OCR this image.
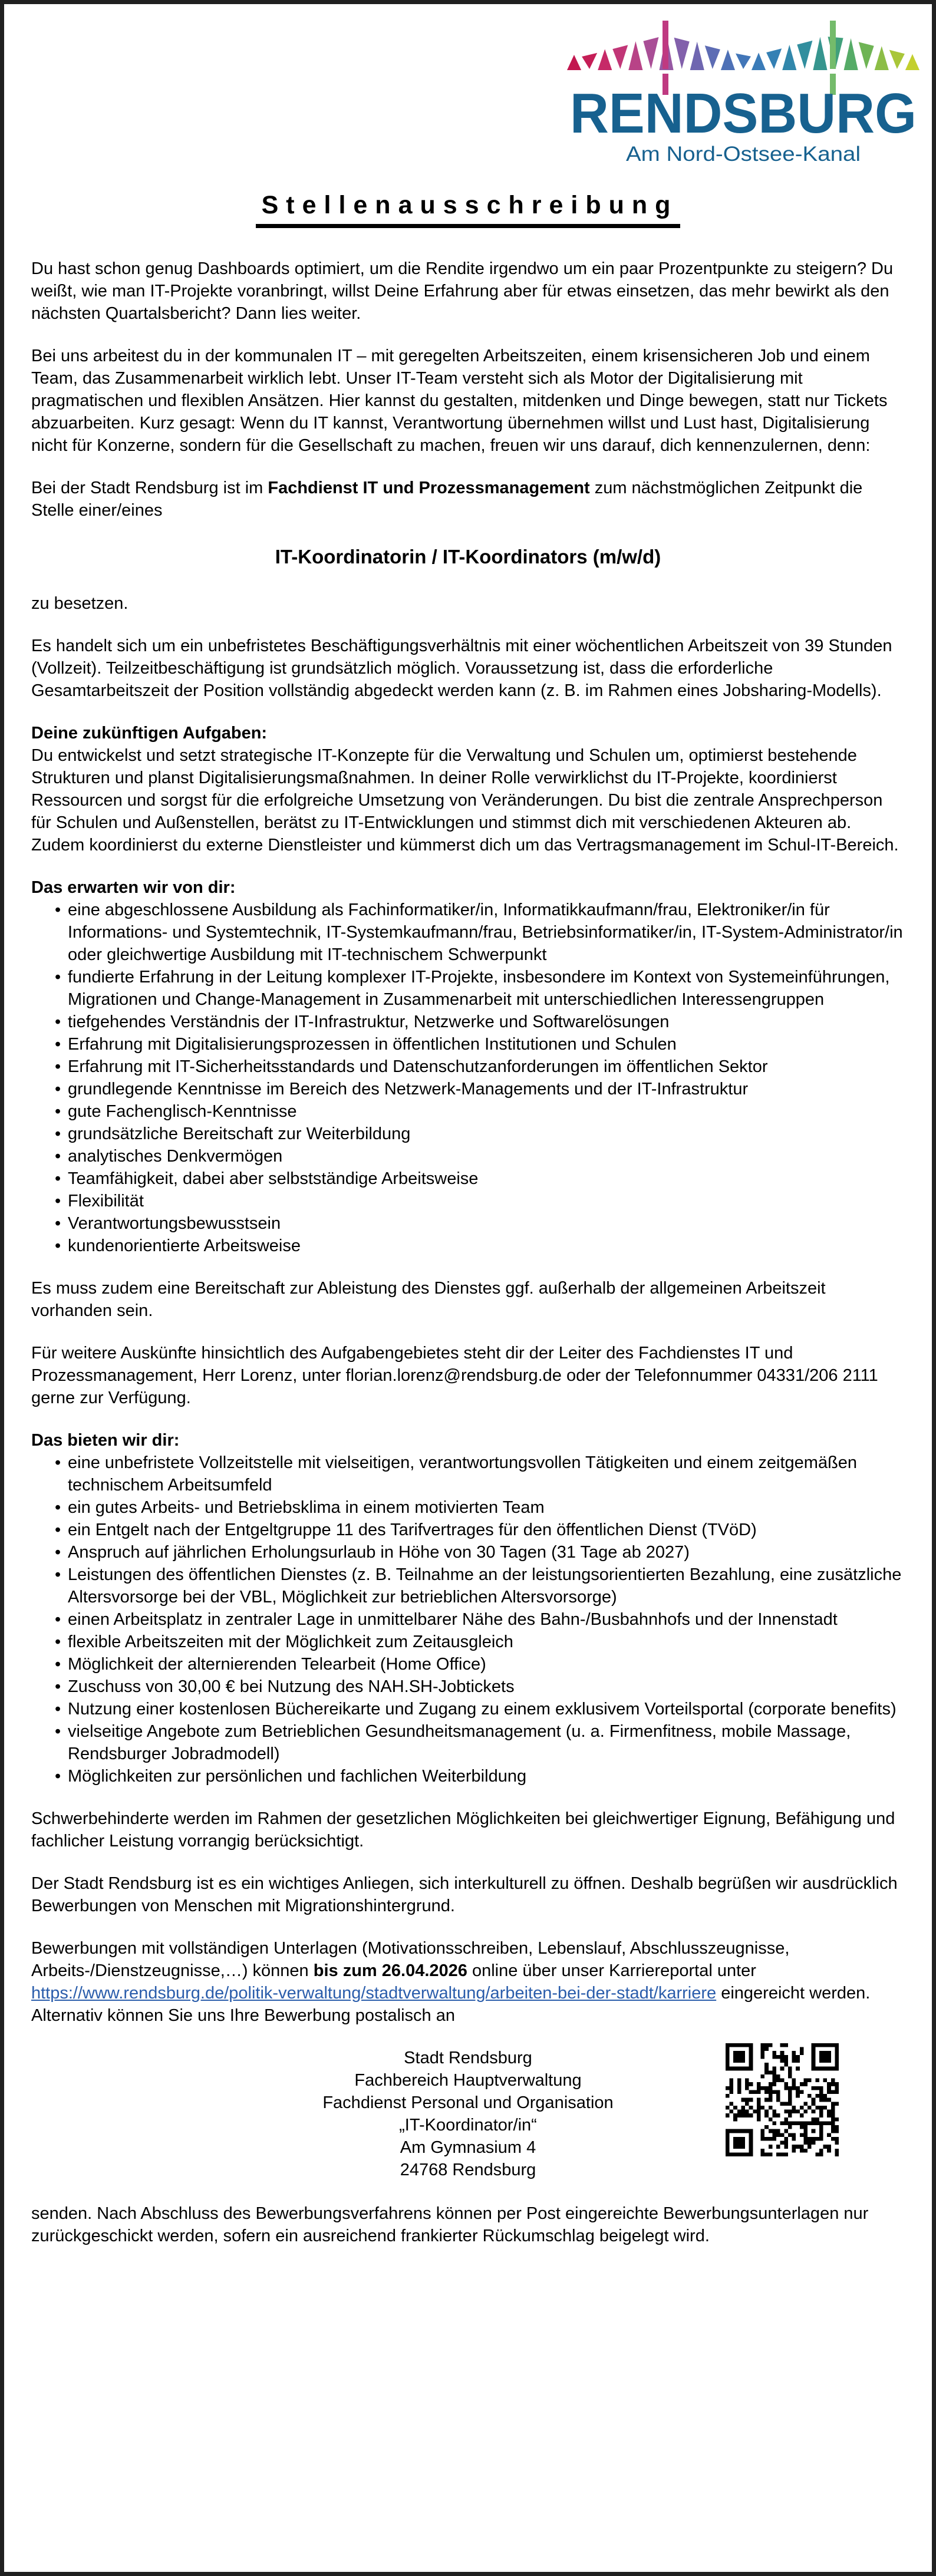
RENDSBURG
Am Nord-Ostsee-Kanal
Stellenausschreibung

Du hast schon genug Dashboards optimiert, um die Rendite irgendwo um ein paar Prozentpunkte zu steigern? Du weißt, wie man IT-Projekte voranbringt, willst Deine Erfahrung aber für etwas einsetzen, das mehr bewirkt als den nächsten Quartalsbericht? Dann lies weiter.

Bei uns arbeitest du in der kommunalen IT – mit geregelten Arbeitszeiten, einem krisensicheren Job und einem Team, das Zusammenarbeit wirklich lebt. Unser IT-Team versteht sich als Motor der Digitalisierung mit pragmatischen und flexiblen Ansätzen. Hier kannst du gestalten, mitdenken und Dinge bewegen, statt nur Tickets abzuarbeiten. Kurz gesagt: Wenn du IT kannst, Verantwortung übernehmen willst und Lust hast, Digitalisierung nicht für Konzerne, sondern für die Gesellschaft zu machen, freuen wir uns darauf, dich kennenzulernen, denn:

Bei der Stadt Rendsburg ist im Fachdienst IT und Prozessmanagement zum nächstmöglichen Zeitpunkt die Stelle einer/eines

IT-Koordinatorin / IT-Koordinators (m/w/d)

zu besetzen.

Es handelt sich um ein unbefristetes Beschäftigungsverhältnis mit einer wöchentlichen Arbeitszeit von 39 Stunden (Vollzeit). Teilzeitbeschäftigung ist grundsätzlich möglich. Voraussetzung ist, dass die erforderliche Gesamtarbeitszeit der Position vollständig abgedeckt werden kann (z. B. im Rahmen eines Jobsharing-Modells).

Deine zukünftigen Aufgaben:

Du entwickelst und setzt strategische IT-Konzepte für die Verwaltung und Schulen um, optimierst bestehende Strukturen und planst Digitalisierungsmaßnahmen. In deiner Rolle verwirklichst du IT-Projekte, koordinierst Ressourcen und sorgst für die erfolgreiche Umsetzung von Veränderungen. Du bist die zentrale Ansprechperson für Schulen und Außenstellen, berätst zu IT-Entwicklungen und stimmst dich mit verschiedenen Akteuren ab. Zudem koordinierst du externe Dienstleister und kümmerst dich um das Vertragsmanagement im Schul-IT-Bereich.

Das erwarten wir von dir:

• eine abgeschlossene Ausbildung als Fachinformatiker/in, Informatikkaufmann/frau, Elektroniker/in für Informations- und Systemtechnik, IT-Systemkaufmann/frau, Betriebsinformatiker/in, IT-System-Administrator/in oder gleichwertige Ausbildung mit IT-technischem Schwerpunkt
• fundierte Erfahrung in der Leitung komplexer IT-Projekte, insbesondere im Kontext von Systemeinführungen, Migrationen und Change-Management in Zusammenarbeit mit unterschiedlichen Interessengruppen
• tiefgehendes Verständnis der IT-Infrastruktur, Netzwerke und Softwarelösungen
• Erfahrung mit Digitalisierungsprozessen in öffentlichen Institutionen und Schulen
• Erfahrung mit IT-Sicherheitsstandards und Datenschutzanforderungen im öffentlichen Sektor
• grundlegende Kenntnisse im Bereich des Netzwerk-Managements und der IT-Infrastruktur
• gute Fachenglisch-Kenntnisse
• grundsätzliche Bereitschaft zur Weiterbildung
• analytisches Denkvermögen
• Teamfähigkeit, dabei aber selbstständige Arbeitsweise
• Flexibilität
• Verantwortungsbewusstsein
• kundenorientierte Arbeitsweise

Es muss zudem eine Bereitschaft zur Ableistung des Dienstes ggf. außerhalb der allgemeinen Arbeitszeit vorhanden sein.

Für weitere Auskünfte hinsichtlich des Aufgabengebietes steht dir der Leiter des Fachdienstes IT und Prozessmanagement, Herr Lorenz, unter florian.lorenz@rendsburg.de oder der Telefonnummer 04331/206 2111 gerne zur Verfügung.

Das bieten wir dir:

• eine unbefristete Vollzeitstelle mit vielseitigen, verantwortungsvollen Tätigkeiten und einem zeitgemäßen technischem Arbeitsumfeld
• ein gutes Arbeits- und Betriebsklima in einem motivierten Team
• ein Entgelt nach der Entgeltgruppe 11 des Tarifvertrages für den öffentlichen Dienst (TVöD)
• Anspruch auf jährlichen Erholungsurlaub in Höhe von 30 Tagen (31 Tage ab 2027)
• Leistungen des öffentlichen Dienstes (z. B. Teilnahme an der leistungsorientierten Bezahlung, eine zusätzliche Altersvorsorge bei der VBL, Möglichkeit zur betrieblichen Altersvorsorge)
• einen Arbeitsplatz in zentraler Lage in unmittelbarer Nähe des Bahn-/Busbahnhofs und der Innenstadt
• flexible Arbeitszeiten mit der Möglichkeit zum Zeitausgleich
• Möglichkeit der alternierenden Telearbeit (Home Office)
• Zuschuss von 30,00 € bei Nutzung des NAH.SH-Jobtickets
• Nutzung einer kostenlosen Büchereikarte und Zugang zu einem exklusivem Vorteilsportal (corporate benefits)
• vielseitige Angebote zum Betrieblichen Gesundheitsmanagement (u. a. Firmenfitness, mobile Massage, Rendsburger Jobradmodell)
• Möglichkeiten zur persönlichen und fachlichen Weiterbildung

Schwerbehinderte werden im Rahmen der gesetzlichen Möglichkeiten bei gleichwertiger Eignung, Befähigung und fachlicher Leistung vorrangig berücksichtigt.

Der Stadt Rendsburg ist es ein wichtiges Anliegen, sich interkulturell zu öffnen. Deshalb begrüßen wir ausdrücklich Bewerbungen von Menschen mit Migrationshintergrund.

Bewerbungen mit vollständigen Unterlagen (Motivationsschreiben, Lebenslauf, Abschlusszeugnisse, Arbeits-/Dienstzeugnisse,…) können bis zum 26.04.2026 online über unser Karriereportal unter https://www.rendsburg.de/politik-verwaltung/stadtverwaltung/arbeiten-bei-der-stadt/karriere eingereicht werden. Alternativ können Sie uns Ihre Bewerbung postalisch an

Stadt Rendsburg
Fachbereich Hauptverwaltung
Fachdienst Personal und Organisation
„IT-Koordinator/in“
Am Gymnasium 4
24768 Rendsburg

senden. Nach Abschluss des Bewerbungsverfahrens können per Post eingereichte Bewerbungsunterlagen nur zurückgeschickt werden, sofern ein ausreichend frankierter Rückumschlag beigelegt wird.
